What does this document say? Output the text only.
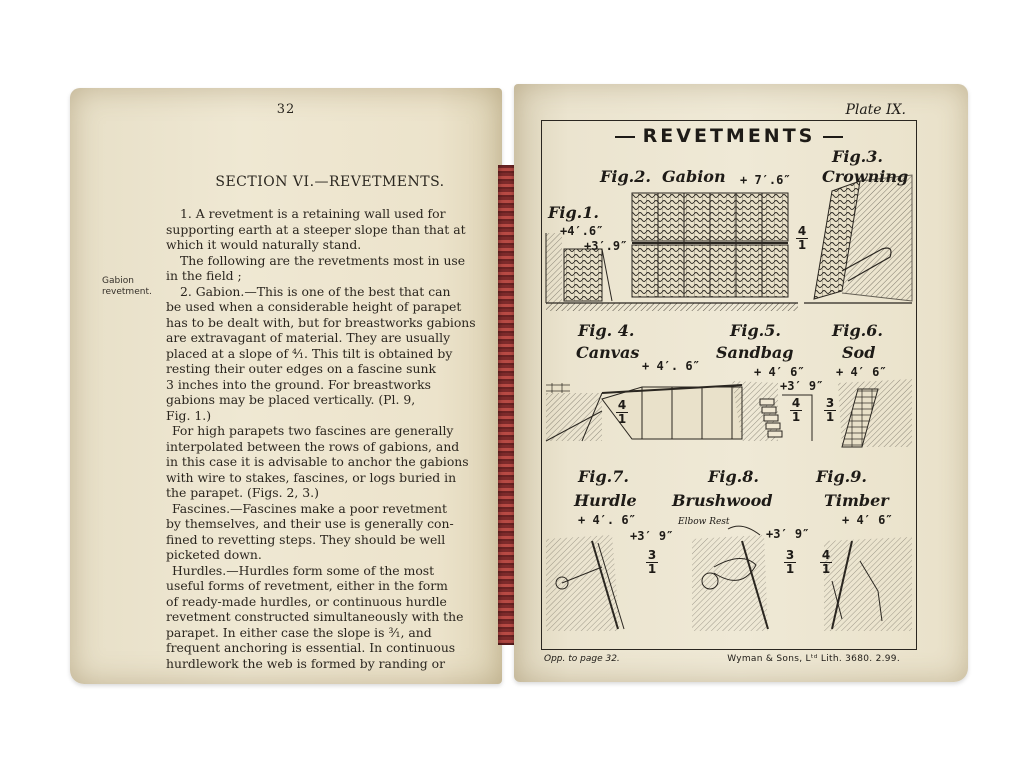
32
SECTION VI.—REVETMENTS.
Gabion
revetment.
1. A revetment is a retaining wall used for
supporting earth at a steeper slope than that at
which it would naturally stand.
The following are the revetments most in use
in the field ;
2. Gabion.—This is one of the best that can
be used when a considerable height of parapet
has to be dealt with, but for breastworks gabions
are extravagant of material. They are usually
placed at a slope of ⁴⁄₁. This tilt is obtained by
resting their outer edges on a fascine sunk
3 inches into the ground. For breastworks
gabions may be placed vertically. (Pl. 9,
Fig. 1.)
For high parapets two fascines are generally
interpolated between the rows of gabions, and
in this case it is advisable to anchor the gabions
with wire to stakes, fascines, or logs buried in
the parapet. (Figs. 2, 3.)
Fascines.—Fascines make a poor revetment
by themselves, and their use is generally con-
fined to revetting steps. They should be well
picketed down.
Hurdles.—Hurdles form some of the most
useful forms of revetment, either in the form
of ready-made hurdles, or continuous hurdle
revetment constructed simultaneously with the
parapet. In either case the slope is ³⁄₁, and
frequent anchoring is essential. In continuous
hurdlework the web is formed by randing or
Plate IX.
REVETMENTS
Fig.1.
+4′.6″
+3′.9″
Fig.2. Gabion + 7′.6″
$\frac{4}{1}$
Fig.3.
Crowning
Fig. 4.
Canvas
+ 4′. 6″
$\frac{4}{1}$
Fig.5.
Sandbag
+ 4′ 6″
+3′ 9″
$\frac{4}{1}$
Fig.6.
Sod
+ 4′ 6″
$\frac{3}{1}$
Fig.7.
Hurdle
+ 4′. 6″
+3′ 9″
$\frac{3}{1}$
Fig.8.
Brushwood
Elbow Rest
+3′ 9″
$\frac{3}{1}$
Fig.9.
Timber
+ 4′ 6″
$\frac{4}{1}$
Opp. to page 32.	Wyman & Sons, Lᵗᵈ Lith. 3680. 2.99.
